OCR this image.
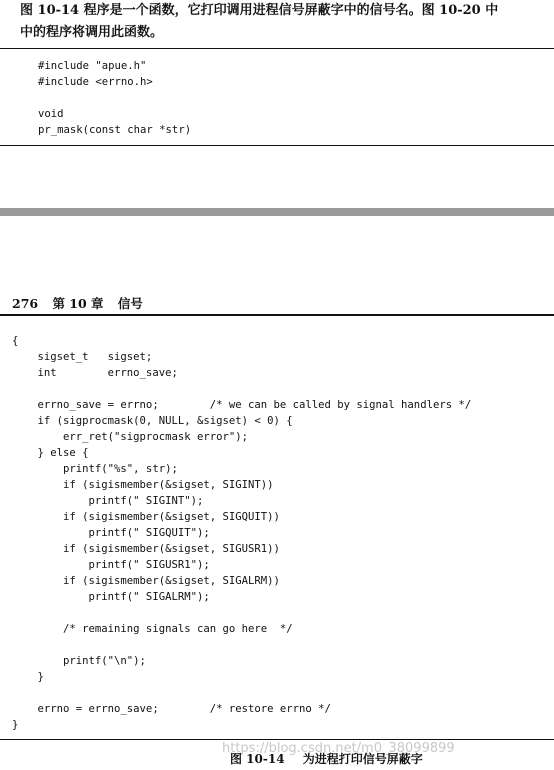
图 10-14 程序是一个函数，它打印调用进程信号屏蔽字中的信号名。图 10-20 中
中的程序将调用此函数。
#include "apue.h"
#include <errno.h>
void
pr_mask(const char *str)
276 第 10 章 信号
{
sigset_t   sigset;
int        errno_save;
errno_save = errno;        /* we can be called by signal handlers */
if (sigprocmask(0, NULL, &sigset) < 0) {
err_ret("sigprocmask error");
} else {
printf("%s", str);
if (sigismember(&sigset, SIGINT))
printf(" SIGINT");
if (sigismember(&sigset, SIGQUIT))
printf(" SIGQUIT");
if (sigismember(&sigset, SIGUSR1))
printf(" SIGUSR1");
if (sigismember(&sigset, SIGALRM))
printf(" SIGALRM");
/* remaining signals can go here  */
printf("\n");
}
errno = errno_save;        /* restore errno */
}
https://blog.csdn.net/m0_38099899
图 10-14 为进程打印信号屏蔽字
